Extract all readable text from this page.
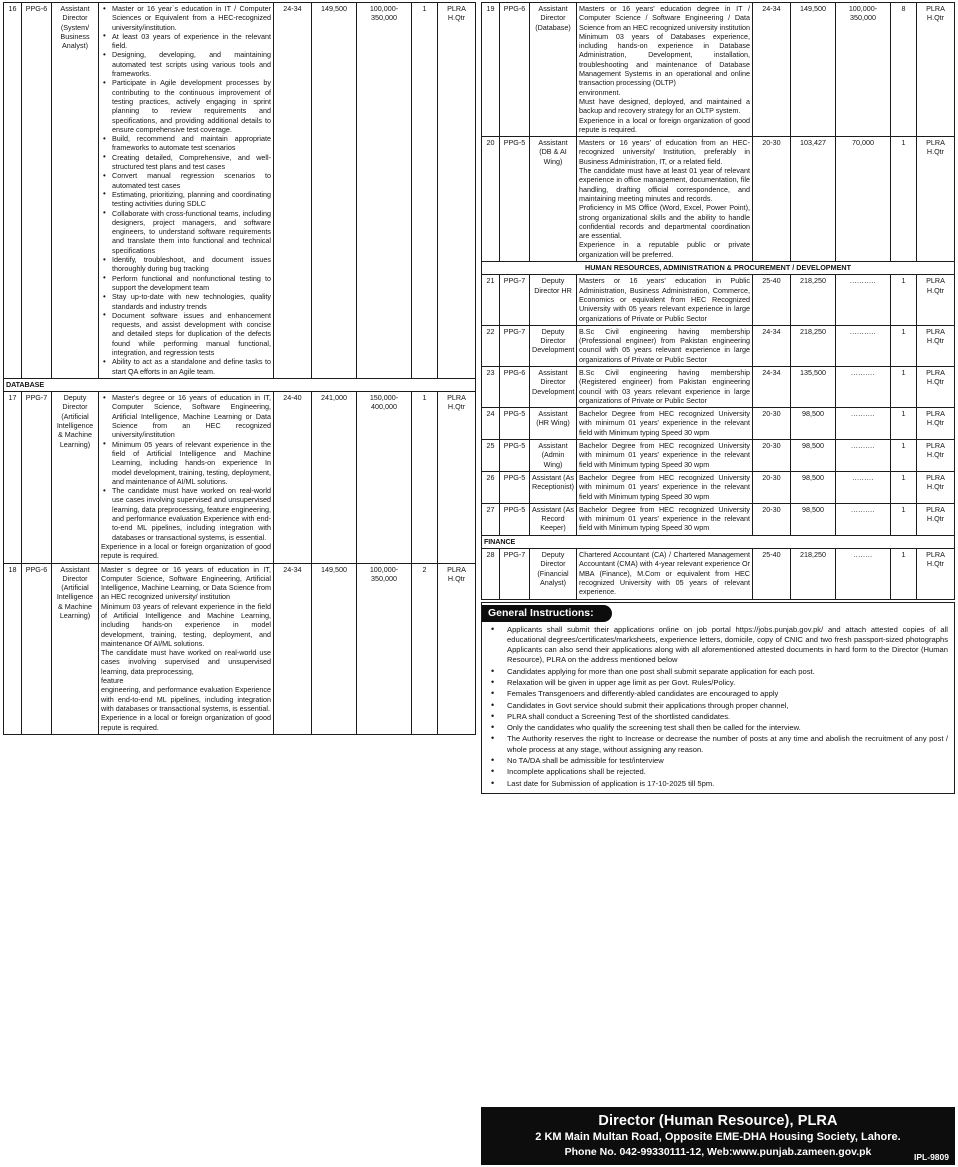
16	PPG-6	Assistant Director (System/ Business Analyst)	
• Master or 16 year`s education in IT / Computer Sciences or Equivalent from a HEC-recognized university/institution.
• At least 03 years of experience in the relevant field.
• Designing, developing, and maintaining automated test scripts using various tools and frameworks.
• Participate in Agile development processes by contributing to the continuous improvement of testing practices, actively engaging in sprint planning to review requirements and specifications, and providing additional details to ensure comprehensive test coverage.
• Build, recommend and maintain appropriate frameworks to automate test scenarios
• Creating detailed, Comprehensive, and well-structured test plans and test cases
• Convert manual regression scenarios to automated test cases
• Estimating, prioritizing, planning and coordinating testing activities during SDLC
• Collaborate with cross-functional teams, including designers, project managers, and software engineers, to understand software requirements and translate them into functional and technical specifications
• Identify, troubleshoot, and document issues thoroughly during bug tracking
• Perform functional and nonfunctional testing to support the development team
• Stay up-to-date with new technologies, quality standards and industry trends
• Document software issues and enhancement requests, and assist development with concise and detailed steps for duplication of the defects found while performing manual functional, integration, and regression tests
• Ability to act as a standalone and define tasks to start QA efforts in an Agile team.
	24-34	149,500	100,000-350,000	1	PLRA H.Qtr
DATABASE								
17	PPG-7	Deputy Director (Artificial Intelligence & Machine Learning)	
• Master's degree or 16 years of education in IT, Computer Science, Software Engineering, Artificial Intelligence, Machine Learning or Data Science from an HEC recognized university/institution
• Minimum 05 years of relevant experience in the field of Artificial Intelligence and Machine Learning, including hands-on experience In model development, training, testing, deployment, and maintenance of AI/ML solutions.
• The candidate must have worked on real-world use cases involving supervised and unsupervised learning, data preprocessing, feature engineering, and performance evaluation Experience with end-to-end ML pipelines, including integration with databases or transactional systems, is essential.
Experience in a local or foreign organization of good repute is required.
	24-40	241,000	150,000-400,000	1	PLRA H.Qtr
18	PPG-6	Assistant Director (Artificial Intelligence & Machine Learning)	

Master s degree or 16 years of education in IT, Computer Science, Software Engineering, Artificial Intelligence, Machine Learning, or Data Science from an HEC recognized university/ institution

Minimum 03 years of relevant experience in the field of Artificial Intelligence and Machine Learning, including hands-on experience in model development, training, testing, deployment, and maintenance Of AI/ML solutions.

The candidate must have worked on real-world use cases involving supervised and unsupervised learning, data preprocessing,

feature

engineering, and performance evaluation Experience with end-to-end ML pipelines, including integration with databases or transactional systems, is essential.

Experience in a local or foreign organization of good repute is required.

	24-34	149,500	100,000-350,000	2	PLRA H.Qtr
19	PPG-6	Assistant Director (Database)	Masters or 16 years' education degree in IT / Computer Science / Software Engineering / Data Science from an HEC recognized university institution

Minimum 03 years of Databases experience, including hands-on experience in Database Administration, Development, installation, troubleshooting and maintenance of Database Management Systems in an operational and online transaction processing (OLTP)

environment.

Must have designed, deployed, and maintained a backup and recovery strategy for an OLTP system.

Experience in a local or foreign organization of good repute is required.	24-34	149,500	100,000-350,000	8	PLRA H.Qtr
20	PPG-5	Assistant (DB & AI Wing)	Masters or 16 years' of education from an HEC-recognized university/ Institution, preferably in Business Administration, IT, or a related field.

The candidate must have at least 01 year of relevant experience in office management, documentation, file handling, drafting official correspondence, and maintaining meeting minutes and records.

Proficiency in MS Office (Word, Excel, Power Point), strong organizational skills and the ability to handle confidential records and departmental coordination are essential.

Experience in a reputable public or private organization will be preferred.	20-30	103,427	70,000	1	PLRA H.Qtr
HUMAN RESOURCES, ADMINISTRATION & PROCUREMENT / DEVELOPMENT								
21	PPG-7	Deputy Director HR	Masters or 16 years' education in Public Administration, Business Administration, Commerce, Economics or equivalent from HEC Recognized University with 05 years relevant experience in large organizations of Private or Public Sector	25-40	218,250	...........	1	PLRA H.Qtr
22	PPG-7	Deputy Director Development	B.Sc Civil engineering having membership (Professional engineer) from Pakistan engineering council with 05 years relevant experience in large organizations of Private or Public Sector	24-34	218,250	...........	1	PLRA H.Qtr
23	PPG-6	Assistant Director Development	B.Sc Civil engineering having membership (Registered engineer) from Pakistan engineering council with 03 years relevant experience in large organizations of Private or Public Sector	24-34	135,500	..........	1	PLRA H.Qtr
24	PPG-5	Assistant (HR Wing)	Bachelor Degree from HEC recognized University with minimum 01 years' experience in the relevant field with Minimum typing Speed 30 wpm	20-30	98,500	..........	1	PLRA H.Qtr
25	PPG-5	Assistant (Admin Wing)	Bachelor Degree from HEC recognized University with minimum 01 years' experience in the relevant field with Minimum typing Speed 30 wpm	20-30	98,500	..........	1	PLRA H.Qtr
26	PPG-5	Assistant (As Receptionist)	Bachelor Degree from HEC recognized University with minimum 01 years' experience in the relevant field with Minimum typing Speed 30 wpm	20-30	98,500	.........	1	PLRA H.Qtr
27	PPG-5	Assistant (As Record Keeper)	Bachelor Degree from HEC recognized University with minimum 01 years' experience in the relevant field with Minimum typing Speed 30 wpm	20-30	98,500	..........	1	PLRA H.Qtr
FINANCE								
28	PPG-7	Deputy Director (Financial Analyst)	Chartered Accountant (CA) / Chartered Management Accountant (CMA) with 4-year relevant experience Or MBA (Finance), M.Com or equivalent from HEC recognized University with 05 years of relevant experience.	25-40	218,250	........	1	PLRA H.Qtr
General Instructions:
• Applicants shall submit their applications online on job portal https://jobs.punjab.gov.pk/ and attach attested copies of all educational degrees/certificates/marksheets, experience letters, domicile, copy of CNIC and two fresh passport-sized photographs Applicants can also send their applications along with all aforementioned attested documents in hard form to the Director (Human Resource), PLRA on the address mentioned below
• Candidates applying for more than one post shall submit separate application for each post.
• Relaxation will be given in upper age limit as per Govt. Rules/Policy.
• Females Transgenoers and differently-abled candidates are encouraged to apply
• Candidates in Govt service should submit their applications through proper channel,
• PLRA shall conduct a Screening Test of the shortlisted candidates.
• Only the candidates who qualify the screening test shall then be called for the interview.
• The Authority reserves the right to Increase or decrease the number of posts at any time and abolish the recruitment of any post / whole process at any stage, without assigning any reason.
• No TA/DA shall be admissible for test/interview
• Incomplete applications shall be rejected.
• Last date for Submission of application is 17-10-2025 till 5pm.
Director (Human Resource), PLRA
2 KM Main Multan Road, Opposite EME-DHA Housing Society, Lahore.
Phone No. 042-99330111-12, Web:www.punjab.zameen.gov.pk	IPL-9809
